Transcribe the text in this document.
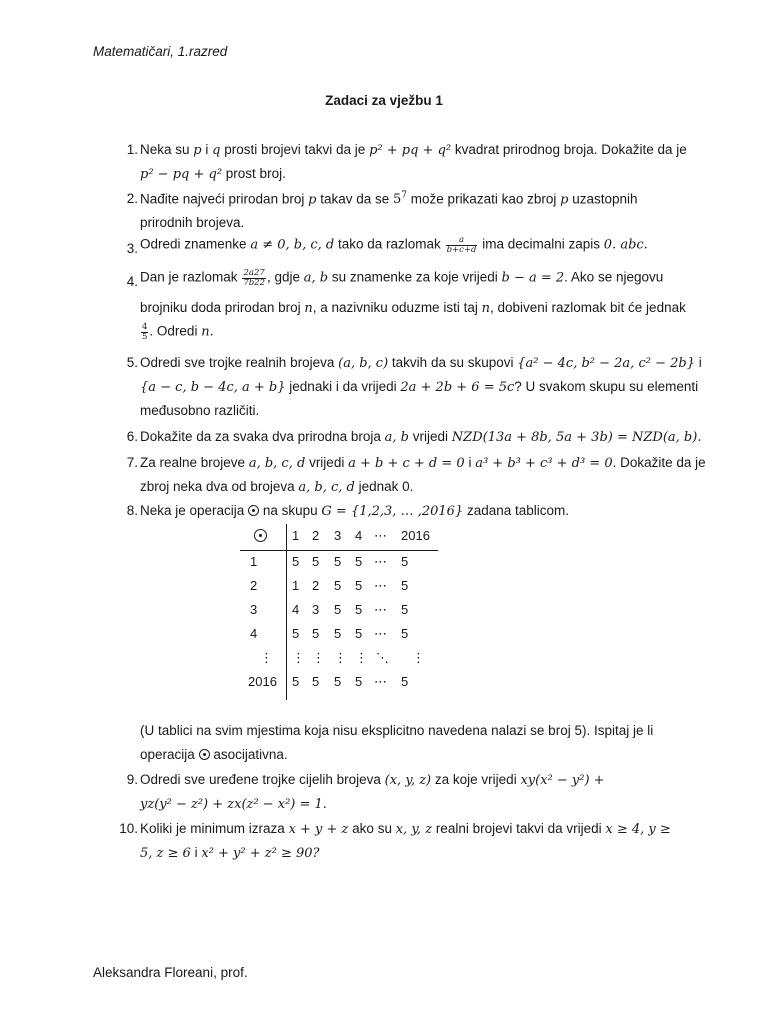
Matematičari, 1.razred
Zadaci za vježbu 1
1. Neka su p i q prosti brojevi takvi da je p² + pq + q² kvadrat prirodnog broja. Dokažite da je
p² − pq + q² prost broj.
2. Nađite najveći prirodan broj p takav da se $5^7$ može prikazati kao zbroj p uzastopnih
prirodnih brojeva.
3. Odredi znamenke a ≠ 0, b, c, d tako da razlomak $\frac{a}{b+c+d}$ ima decimalni zapis 0. abc.
4. Dan je razlomak $\frac{2a27}{7b22}$ , gdje a, b su znamenke za koje vrijedi b − a = 2. Ako se njegovu
brojniku doda prirodan broj n, a nazivniku oduzme isti taj n, dobiveni razlomak bit će jednak
$\frac{4}{5}$ . Odredi n.
5. Odredi sve trojke realnih brojeva (a, b, c) takvih da su skupovi {a² − 4c, b² − 2a, c² − 2b} i
{a − c, b − 4c, a + b} jednaki i da vrijedi 2a + 2b + 6 = 5c? U svakom skupu su elementi
međusobno različiti.
6. Dokažite da za svaka dva prirodna broja a, b vrijedi NZD(13a + 8b, 5a + 3b) = NZD(a, b).
7. Za realne brojeve a, b, c, d vrijedi a + b + c + d = 0 i a³ + b³ + c³ + d³ = 0. Dokažite da je
zbroj neka dva od brojeva a, b, c, d jednak 0.
8. Neka je operacija na skupu G = {1,2,3, … ,2016} zadana tablicom.
1 2 3 4 ⋯ 2016
1	5 5 5 5 ⋯ 5
2	1 2 5 5 ⋯ 5
3	4 3 5 5 ⋯ 5
4	5 5 5 5 ⋯ 5
⋮ ⋮ ⋮ ⋮ ⋮ ⋱ ⋮
2016 5 5 5 5 ⋯ 5
(U tablici na svim mjestima koja nisu eksplicitno navedena nalazi se broj 5). Ispitaj je li
operacija asocijativna.
9. Odredi sve uređene trojke cijelih brojeva (x, y, z) za koje vrijedi xy(x² − y²) +
yz(y² − z²) + zx(z² − x²) = 1.
10. Koliki je minimum izraza x + y + z ako su x, y, z realni brojevi takvi da vrijedi x ≥ 4, y ≥
5, z ≥ 6 i x² + y² + z² ≥ 90?
Aleksandra Floreani, prof.
